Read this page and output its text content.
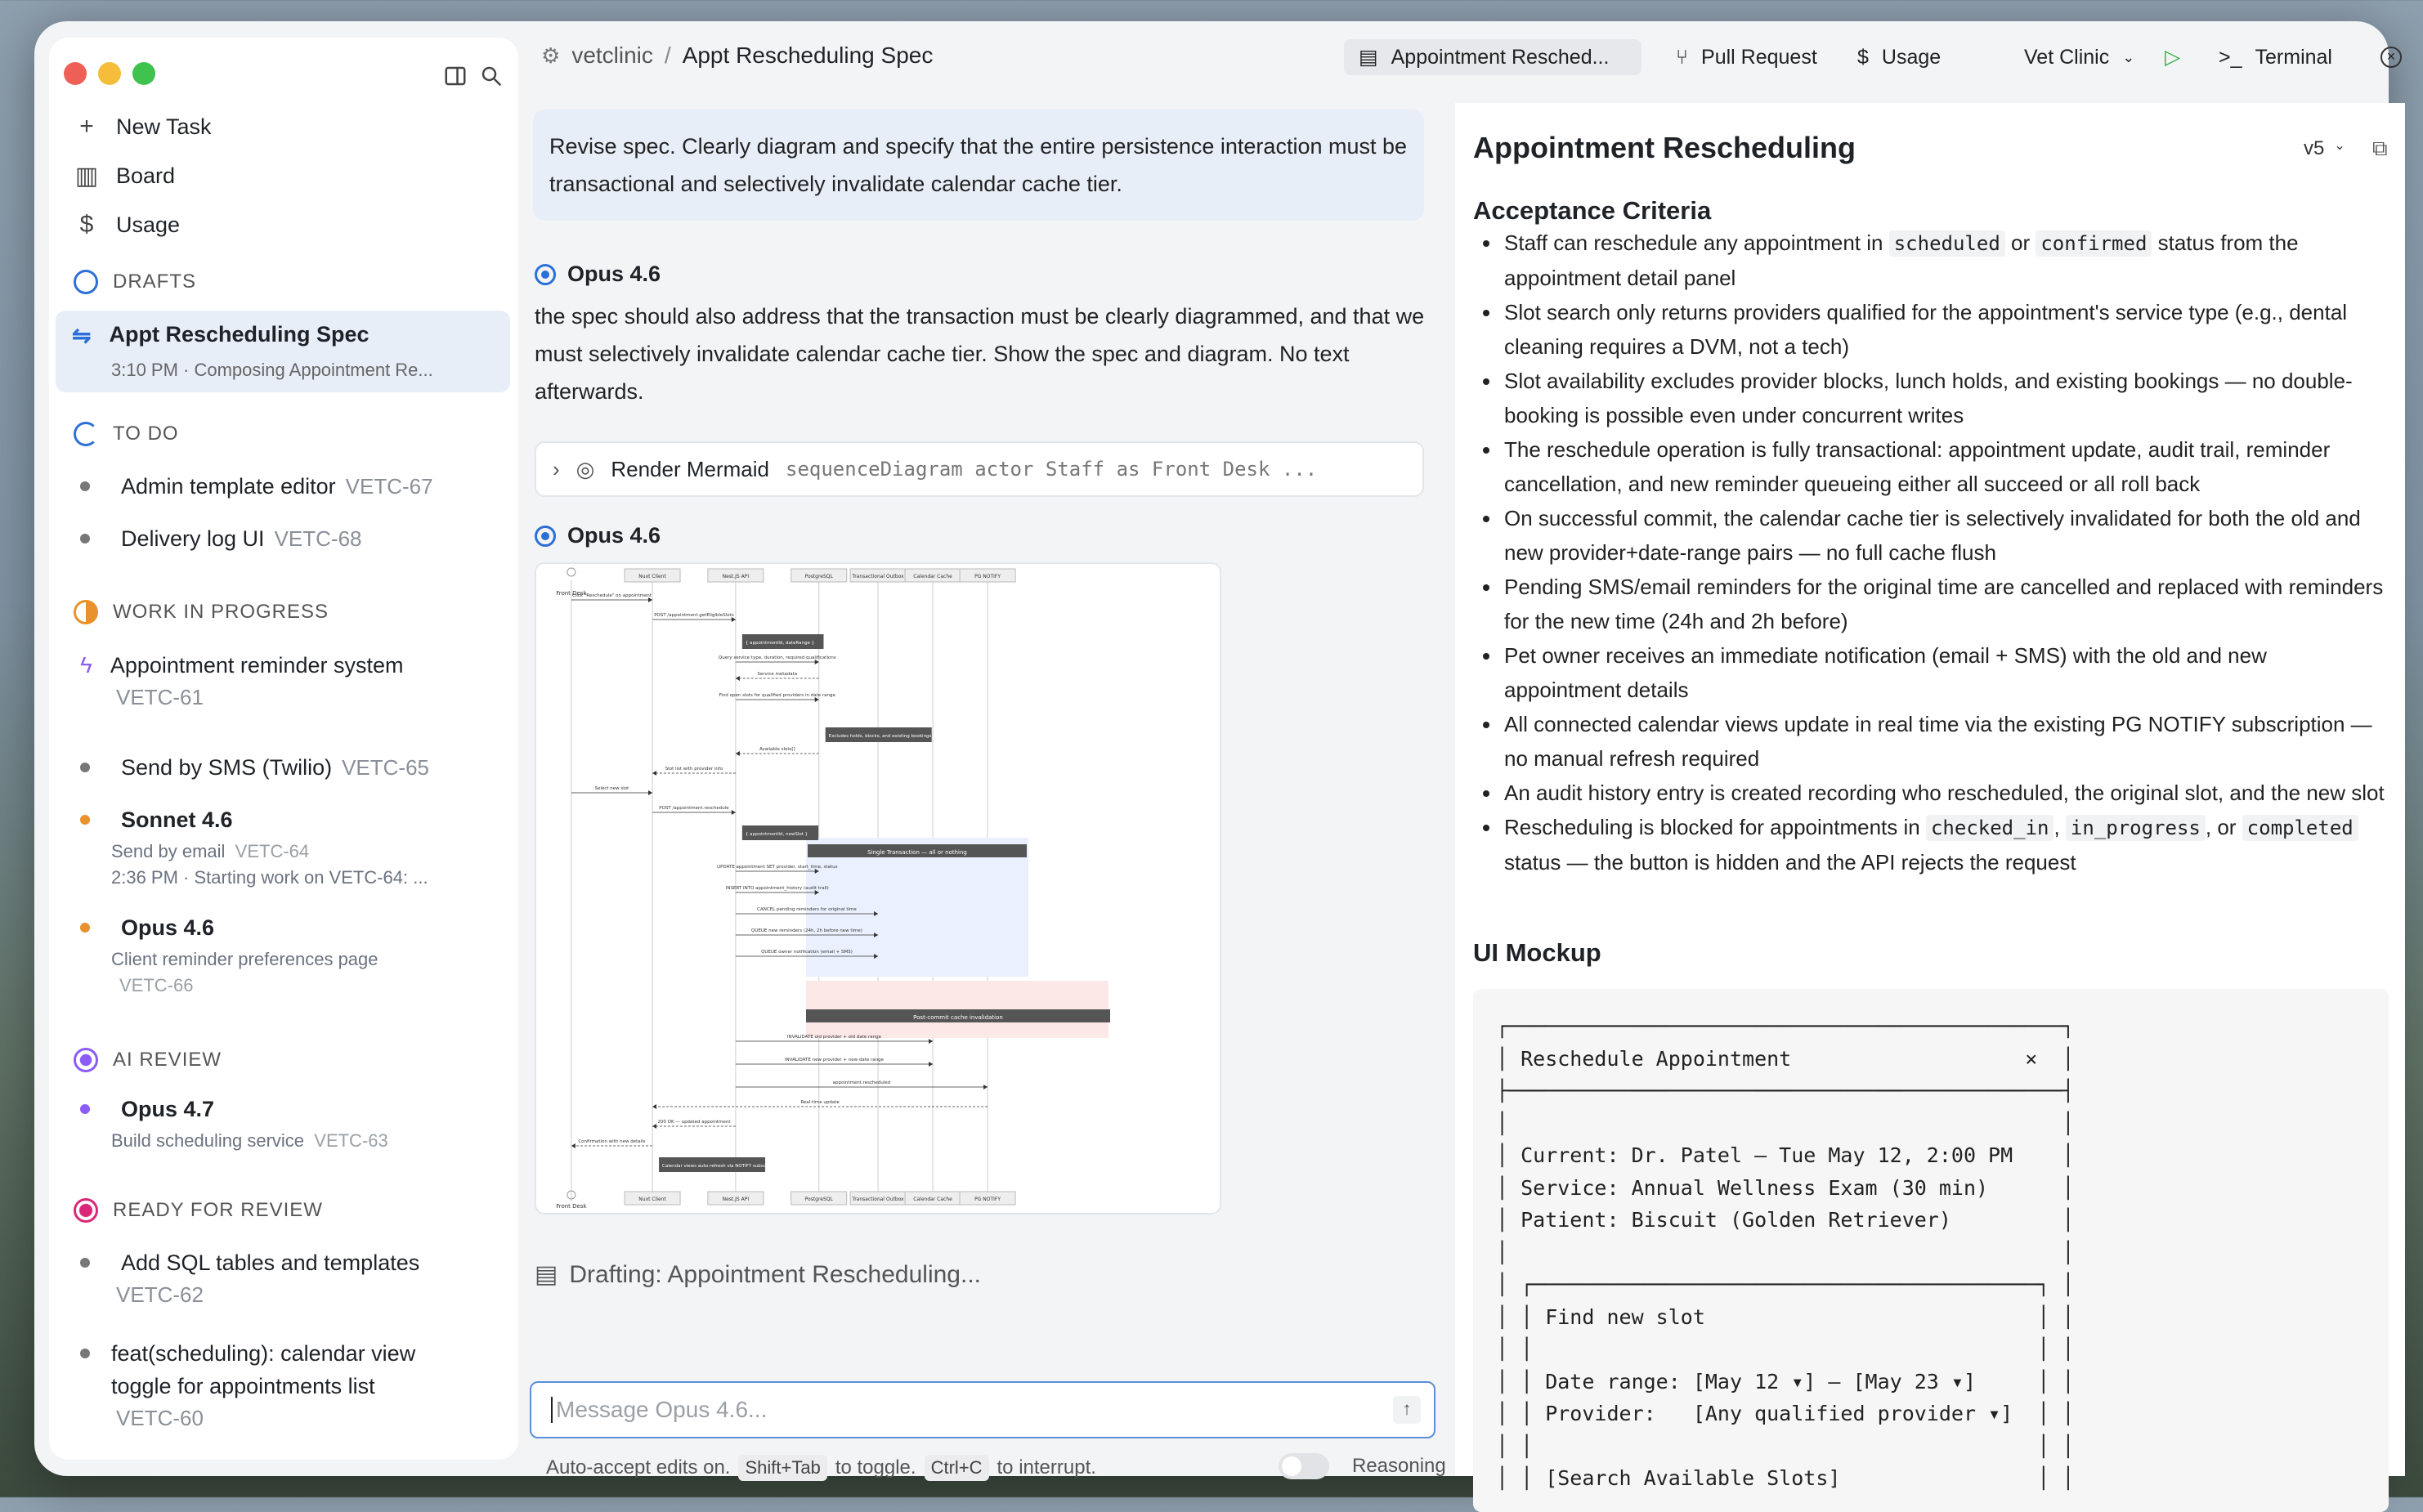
+ New Task
▥ Board
$ Usage
DRAFTS
⇋ Appt Rescheduling Spec
3:10 PM · Composing Appointment Re...
TO DO
Admin template editor VETC-67
Delivery log UI VETC-68
WORK IN PROGRESS
ϟ Appointment reminder system
VETC-61
Send by SMS (Twilio) VETC-65
Sonnet 4.6
Send by email VETC-64
2:36 PM · Starting work on VETC-64: ...
Opus 4.6
Client reminder preferences page
VETC-66
AI REVIEW
Opus 4.7
Build scheduling service VETC-63
READY FOR REVIEW
Add SQL tables and templates
VETC-62
feat(scheduling): calendar view toggle for appointments list
VETC-60
⚙ vetclinic / Appt Rescheduling Spec	▤ Appointment Resched...	⑂ Pull Request $ Usage	Vet Clinic ⌄ ▷ >_ Terminal	×
Revise spec. Clearly diagram and specify that the entire persistence interaction must be transactional and selectively invalidate calendar cache tier.
Opus 4.6
the spec should also address that the transaction must be clearly diagrammed, and that we must selectively invalidate calendar cache tier. Show the spec and diagram. No text afterwards.
› ◎ Render Mermaid sequenceDiagram actor Staff as Front Desk ...
Opus 4.6
Front Desk
Front Desk
Nuxt Client
Nuxt Client
Nest.JS API
Nest.JS API
PostgreSQL
PostgreSQL
Transactional Outbox
Transactional Outbox
Calendar Cache
Calendar Cache
PG NOTIFY
PG NOTIFY
Single Transaction — all or nothing
Post-commit cache invalidation
Click "Reschedule" on appointment
POST /appointment.getEligibleSlots
{ appointmentId, dateRange }
Query service type, duration, required qualifications
Service metadata
Find open slots for qualified providers in date range
Excludes holds, blocks, and existing bookings
Available slots[]
Slot list with provider info
Select new slot
POST /appointment.reschedule
{ appointmentId, newSlot }
UPDATE appointment SET provider, start_time, status
INSERT INTO appointment_history (audit trail)
CANCEL pending reminders for original time
QUEUE new reminders (24h, 2h before new time)
QUEUE owner notification (email + SMS)
INVALIDATE old provider + old date range
INVALIDATE new provider + new date range
appointment.rescheduled
Real-time update
200 OK — updated appointment
Confirmation with new details
Calendar views auto-refresh via NOTIFY subscription
▤ Drafting: Appointment Rescheduling...
Message Opus 4.6...	↑
Auto-accept edits on. Shift+Tab to toggle. Ctrl+C to interrupt.	Reasoning
Appointment Rescheduling	v5 ⌄ ⧉
Acceptance Criteria
Staff can reschedule any appointment in scheduled or confirmed status from the appointment detail panel
Slot search only returns providers qualified for the appointment's service type (e.g., dental cleaning requires a DVM, not a tech)
Slot availability excludes provider blocks, lunch holds, and existing bookings — no double-booking is possible even under concurrent writes
The reschedule operation is fully transactional: appointment update, audit trail, reminder cancellation, and new reminder queueing either all succeed or all roll back
On successful commit, the calendar cache tier is selectively invalidated for both the old and new provider+date-range pairs — no full cache flush
Pending SMS/email reminders for the original time are cancelled and replaced with reminders for the new time (24h and 2h before)
Pet owner receives an immediate notification (email + SMS) with the old and new appointment details
All connected calendar views update in real time via the existing PG NOTIFY subscription — no manual refresh required
An audit history entry is created recording who rescheduled, the original slot, and the new slot
Rescheduling is blocked for appointments in checked_in , in_progress , or completed status — the button is hidden and the API rejects the request
UI Mockup
┌─────────────────────────────────────────────┐
│ Reschedule Appointment                   ×  │
├─────────────────────────────────────────────┤
│                                             │
│ Current: Dr. Patel — Tue May 12, 2:00 PM    │
│ Service: Annual Wellness Exam (30 min)      │
│ Patient: Biscuit (Golden Retriever)         │
│                                             │
│ ┌─────────────────────────────────────────┐ │
│ │ Find new slot                           │ │
│ │                                         │ │
│ │ Date range: [May 12 ▾] — [May 23 ▾]     │ │
│ │ Provider:   [Any qualified provider ▾]  │ │
│ │                                         │ │
│ │ [Search Available Slots]                │ │
